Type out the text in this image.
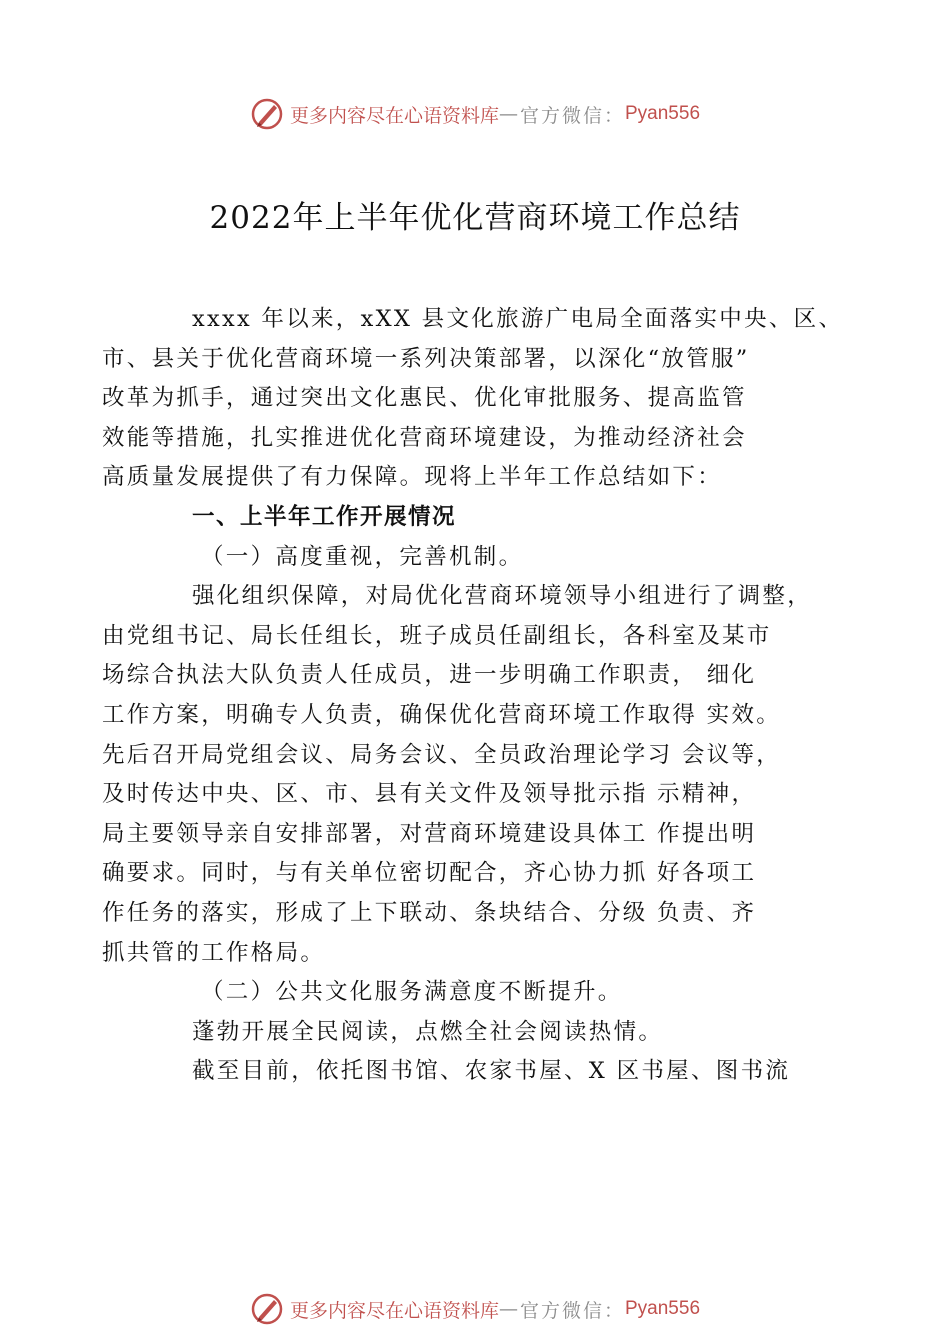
更多内容尽在心语资料库 — 官方微信： Pyan556
2022年上半年优化营商环境工作总结
xxxx 年以来，xXX 县文化旅游广电局全面落实中央、区、
市、县关于优化营商环境一系列决策部署，以深化“放管服”
改革为抓手，通过突出文化惠民、优化审批服务、提高监管
效能等措施，扎实推进优化营商环境建设，为推动经济社会
高质量发展提供了有力保障。现将上半年工作总结如下：
一、上半年工作开展情况
（一）高度重视，完善机制。
强化组织保障，对局优化营商环境领导小组进行了调整，
由党组书记、局长任组长，班子成员任副组长，各科室及某市
场综合执法大队负责人任成员，进一步明确工作职责， 细化
工作方案，明确专人负责，确保优化营商环境工作取得 实效。
先后召开局党组会议、局务会议、全员政治理论学习 会议等，
及时传达中央、区、市、县有关文件及领导批示指 示精神，
局主要领导亲自安排部署，对营商环境建设具体工 作提出明
确要求。同时，与有关单位密切配合，齐心协力抓 好各项工
作任务的落实，形成了上下联动、条块结合、分级 负责、齐
抓共管的工作格局。
（二）公共文化服务满意度不断提升。
蓬勃开展全民阅读，点燃全社会阅读热情。
截至目前，依托图书馆、农家书屋、X 区书屋、图书流
更多内容尽在心语资料库 — 官方微信： Pyan556
